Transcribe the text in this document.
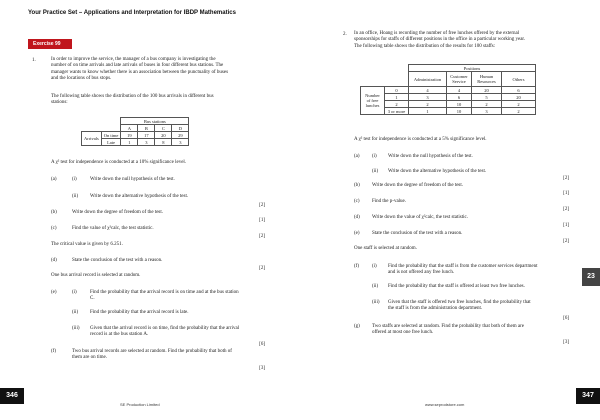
Your Practice Set – Applications and Interpretation for IBDP Mathematics
Exercise 99
1.	In order to improve the service, the manager of a bus company is investigating the
number of on time arrivals and late arrivals of buses in four different bus stations. The
manager wants to know whether there is an association between the punctuality of buses
and the locations of bus stops.
The following table shows the distribution of the 100 bus arrivals in different bus
stations:
		Bus stations			
		A	B	C	D
Arrivals	On time	19	17	20	29
	Late	1	3	8	3
A χ² test for independence is conducted at a 10% significance level.
(a)	(i)	Write down the null hypothesis of the test.
(ii) Write down the alternative hypothesis of the test.
[2]
(b)	Write down the degree of freedom of the test.
[1]
(c)	Find the value of χ²calc, the test statistic.
[2]
The critical value is given by 6.251.
(d)	State the conclusion of the test with a reason.
[2]
One bus arrival record is selected at random.
(e)	(i)	Find the probability that the arrival record is on time and at the bus station
C.
(ii) Find the probability that the arrival record is late.
(iii) Given that the arrival record is on time, find the probability that the arrival
record is at the bus station A.
[6]
(f)	Two bus arrival records are selected at random. Find the probability that both of
them are on time.
[3]
2. In an office, Hoang is recording the number of free lunches offered by the external
sponsorships for staffs of different positions in the office in a particular working year.
The following table shows the distribution of the results for 100 staffs:
		Positions			
		Administration	Customer Service	Human Resources	Others
Number of free lunches	0	4	4	20	6
	1	3	6	5	20
	2	2	10	2	2
	3 or more	1	10	3	2
A χ² test for independence is conducted at a 5% significance level.
(a) (i) Write down the null hypothesis of the test.
(ii) Write down the alternative hypothesis of the test.
[2]
(b) Write down the degree of freedom of the test.
[1]
(c) Find the p-value.
[2]
(d) Write down the value of χ²calc, the test statistic.
[1]
(e) State the conclusion of the test with a reason.
[2]
One staff is selected at random.
(f)	(i) Find the probability that the staff is from the customer services department
and is not offered any free lunch.
(ii) Find the probability that the staff is offered at least two free lunches.
(iii) Given that the staff is offered two free lunches, find the probability that
the staff is from the administration department.
[6]
(g) Two staffs are selected at random. Find the probability that both of them are
offered at most one free lunch.
[3]
23
346
SE Production Limited	www.seprodstore.com
347
